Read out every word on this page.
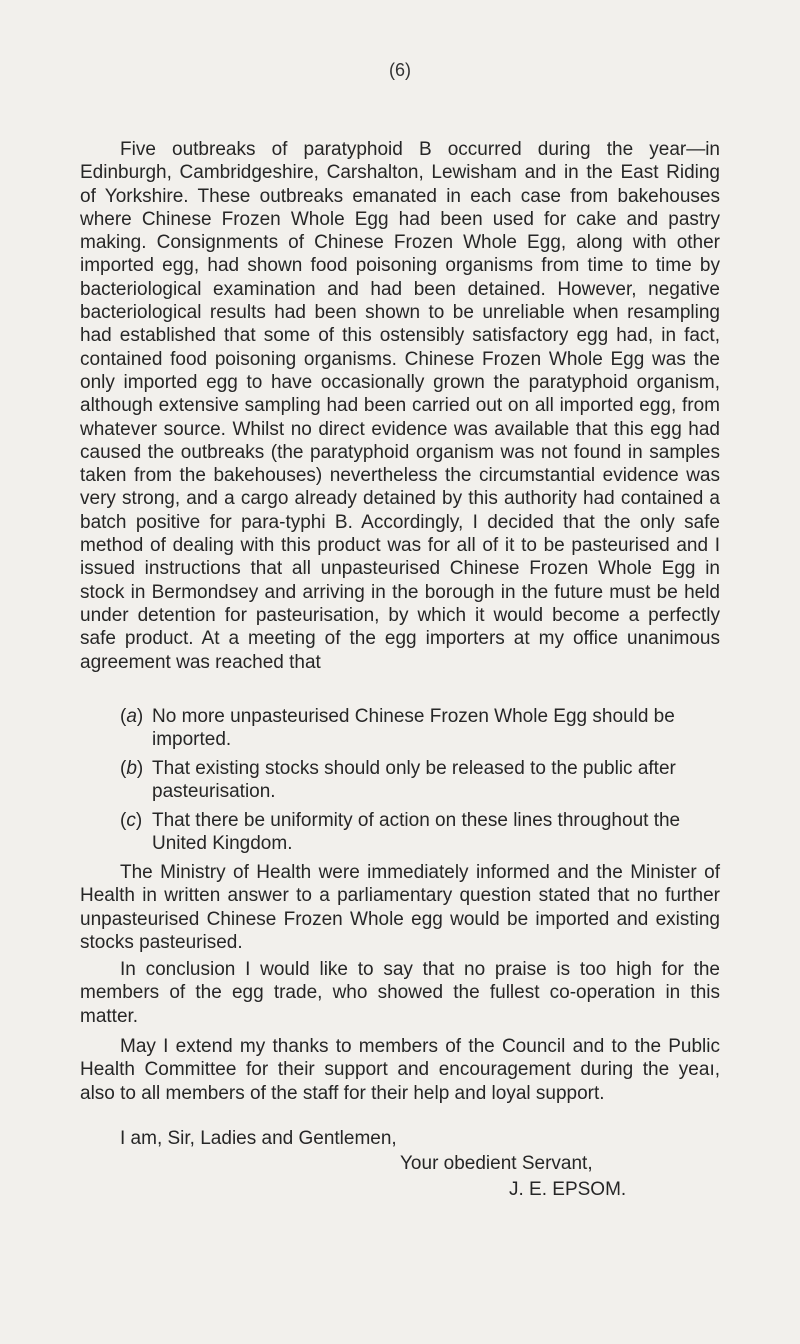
(6)

Five outbreaks of paratyphoid B occurred during the year—in Edinburgh, Cambridgeshire, Carshalton, Lewisham and in the East Riding of Yorkshire. These outbreaks emanated in each case from bakehouses where Chinese Frozen Whole Egg had been used for cake and pastry making. Consignments of Chinese Frozen Whole Egg, along with other imported egg, had shown food poisoning organisms from time to time by bacteriological examination and had been detained. However, negative bacteriological results had been shown to be unreliable when resampling had established that some of this ostensibly satisfactory egg had, in fact, contained food poisoning organisms. Chinese Frozen Whole Egg was the only imported egg to have occasionally grown the paratyphoid organism, although extensive sampling had been carried out on all imported egg, from whatever source. Whilst no direct evidence was available that this egg had caused the outbreaks (the paratyphoid organism was not found in samples taken from the bakehouses) nevertheless the circumstantial evidence was very strong, and a cargo already detained by this authority had contained a batch positive for para-typhi B. Accordingly, I decided that the only safe method of dealing with this product was for all of it to be pasteurised and I issued instructions that all unpasteurised Chinese Frozen Whole Egg in stock in Bermondsey and arriving in the borough in the future must be held under detention for pasteurisation, by which it would become a perfectly safe product. At a meeting of the egg importers at my office unanimous agreement was reached that

(a) No more unpasteurised Chinese Frozen Whole Egg should be imported.
(b) That existing stocks should only be released to the public after pasteurisation.
(c) That there be uniformity of action on these lines throughout the United Kingdom.

The Ministry of Health were immediately informed and the Minister of Health in written answer to a parliamentary question stated that no further unpasteurised Chinese Frozen Whole egg would be imported and existing stocks pasteurised.

In conclusion I would like to say that no praise is too high for the members of the egg trade, who showed the fullest co-operation in this matter.

May I extend my thanks to members of the Council and to the Public Health Committee for their support and encouragement during the yeaı, also to all members of the staff for their help and loyal support.

I am, Sir, Ladies and Gentlemen,
Your obedient Servant,
J. E. EPSOM.
